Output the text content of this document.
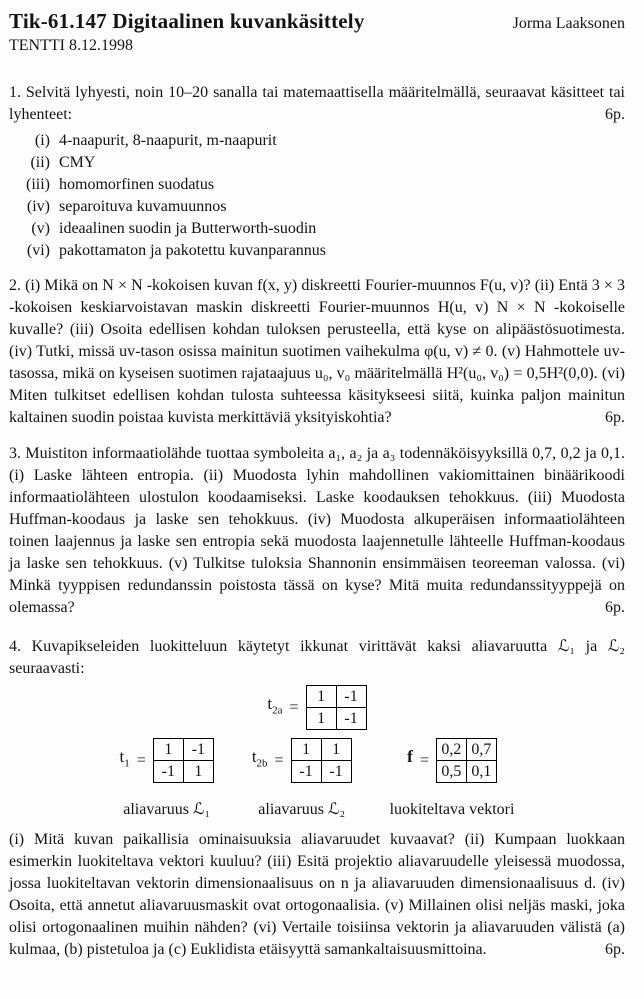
Tik-61.147 Digitaalinen kuvankäsittely	Jorma Laaksonen
TENTTI 8.12.1998
1. Selvitä lyhyesti, noin 10–20 sanalla tai matemaattisella määritelmällä, seuraavat käsitteet tai lyhenteet:	6p.
(i) 4-naapurit, 8-naapurit, m-naapurit
(ii) CMY
(iii) homomorfinen suodatus
(iv) separoituva kuvamuunnos
(v) ideaalinen suodin ja Butterworth-suodin
(vi) pakottamaton ja pakotettu kuvanparannus
2. (i) Mikä on N × N -kokoisen kuvan f(x, y) diskreetti Fourier-muunnos F(u, v)? (ii) Entä 3 × 3 -kokoisen keskiarvoistavan maskin diskreetti Fourier-muunnos H(u, v) N × N -kokoiselle kuvalle? (iii) Osoita edellisen kohdan tuloksen perusteella, että kyse on alipäästösuotimesta. (iv) Tutki, missä uv-tason osissa mainitun suotimen vaihekulma φ(u, v) ≠ 0. (v) Hahmottele uv-tasossa, mikä on kyseisen suotimen rajataajuus u₀, v₀ määritelmällä H²(u₀, v₀) = 0,5H²(0,0). (vi) Miten tulkitset edellisen kohdan tulosta suhteessa käsitykseesi siitä, kuinka paljon mainitun kaltainen suodin poistaa kuvista merkittäviä yksityiskohtia?	6p.
3. Muistiton informaatiolähde tuottaa symboleita a₁, a₂ ja a₃ todennäköisyyksillä 0,7, 0,2 ja 0,1. (i) Laske lähteen entropia. (ii) Muodosta lyhin mahdollinen vakiomittainen binäärikoodi informaatiolähteen ulostulon koodaamiseksi. Laske koodauksen tehokkuus. (iii) Muodosta Huffman-koodaus ja laske sen tehokkuus. (iv) Muodosta alkuperäisen informaatiolähteen toinen laajennus ja laske sen entropia sekä muodosta laajennetulle lähteelle Huffman-koodaus ja laske sen tehokkuus. (v) Tulkitse tuloksia Shannonin ensimmäisen teoreeman valossa. (vi) Minkä tyyppisen redundanssin poistosta tässä on kyse? Mitä muita redundanssityyppejä on olemassa?	6p.
4. Kuvapikseleiden luokitteluun käytetyt ikkunat virittävät kaksi aliavaruutta ℒ₁ ja ℒ₂ seuraavasti:
$t_{2a}$ =
1	-1
1	-1
$t_1$ =
1	-1
-1	1
aliavaruus ℒ₁
$t_{2b}$ =
1	1
-1	-1
aliavaruus ℒ₂
f =
0,2	0,7
0,5	0,1
luokiteltava vektori
(i) Mitä kuvan paikallisia ominaisuuksia aliavaruudet kuvaavat? (ii) Kumpaan luokkaan esimerkin luokiteltava vektori kuuluu? (iii) Esitä projektio aliavaruudelle yleisessä muodossa, jossa luokiteltavan vektorin dimensionaalisuus on n ja aliavaruuden dimensionaalisuus d. (iv) Osoita, että annetut aliavaruusmaskit ovat ortogonaalisia. (v) Millainen olisi neljäs maski, joka olisi ortogonaalinen muihin nähden? (vi) Vertaile toisiinsa vektorin ja aliavaruuden välistä (a) kulmaa, (b) pistetuloa ja (c) Euklidista etäisyyttä samankaltaisuusmittoina.	6p.
